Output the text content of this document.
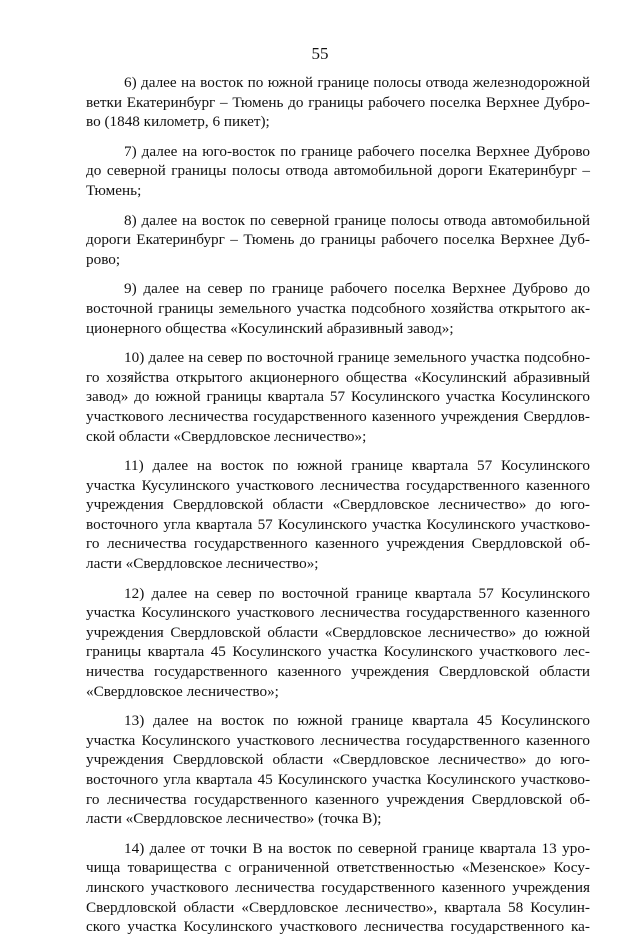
55
6) далее на восток по южной границе полосы отвода железнодорожной
ветки Екатеринбург – Тюмень до границы рабочего поселка Верхнее Дубро-
во (1848 километр, 6 пикет);
7) далее на юго-восток по границе рабочего поселка Верхнее Дуброво
до северной границы полосы отвода автомобильной дороги Екатеринбург –
Тюмень;
8) далее на восток по северной границе полосы отвода автомобильной
дороги Екатеринбург – Тюмень до границы рабочего поселка Верхнее Дуб-
рово;
9) далее на север по границе рабочего поселка Верхнее Дуброво до
восточной границы земельного участка подсобного хозяйства открытого ак-
ционерного общества «Косулинский абразивный завод»;
10) далее на север по восточной границе земельного участка подсобно-
го хозяйства открытого акционерного общества «Косулинский абразивный
завод» до южной границы квартала 57 Косулинского участка Косулинского
участкового лесничества государственного казенного учреждения Свердлов-
ской области «Свердловское лесничество»;
11) далее на восток по южной границе квартала 57 Косулинского
участка Кусулинского участкового лесничества государственного казенного
учреждения Свердловской области «Свердловское лесничество» до юго-
восточного угла квартала 57 Косулинского участка Косулинского участково-
го лесничества государственного казенного учреждения Свердловской об-
ласти «Свердловское лесничество»;
12) далее на север по восточной границе квартала 57 Косулинского
участка Косулинского участкового лесничества государственного казенного
учреждения Свердловской области «Свердловское лесничество» до южной
границы квартала 45 Косулинского участка Косулинского участкового лес-
ничества государственного казенного учреждения Свердловской области
«Свердловское лесничество»;
13) далее на восток по южной границе квартала 45 Косулинского
участка Косулинского участкового лесничества государственного казенного
учреждения Свердловской области «Свердловское лесничество» до юго-
восточного угла квартала 45 Косулинского участка Косулинского участково-
го лесничества государственного казенного учреждения Свердловской об-
ласти «Свердловское лесничество» (точка В);
14) далее от точки В на восток по северной границе квартала 13 уро-
чища товарищества с ограниченной ответственностью «Мезенское» Косу-
линского участкового лесничества государственного казенного учреждения
Свердловской области «Свердловское лесничество», квартала 58 Косулин-
ского участка Косулинского участкового лесничества государственного ка-
